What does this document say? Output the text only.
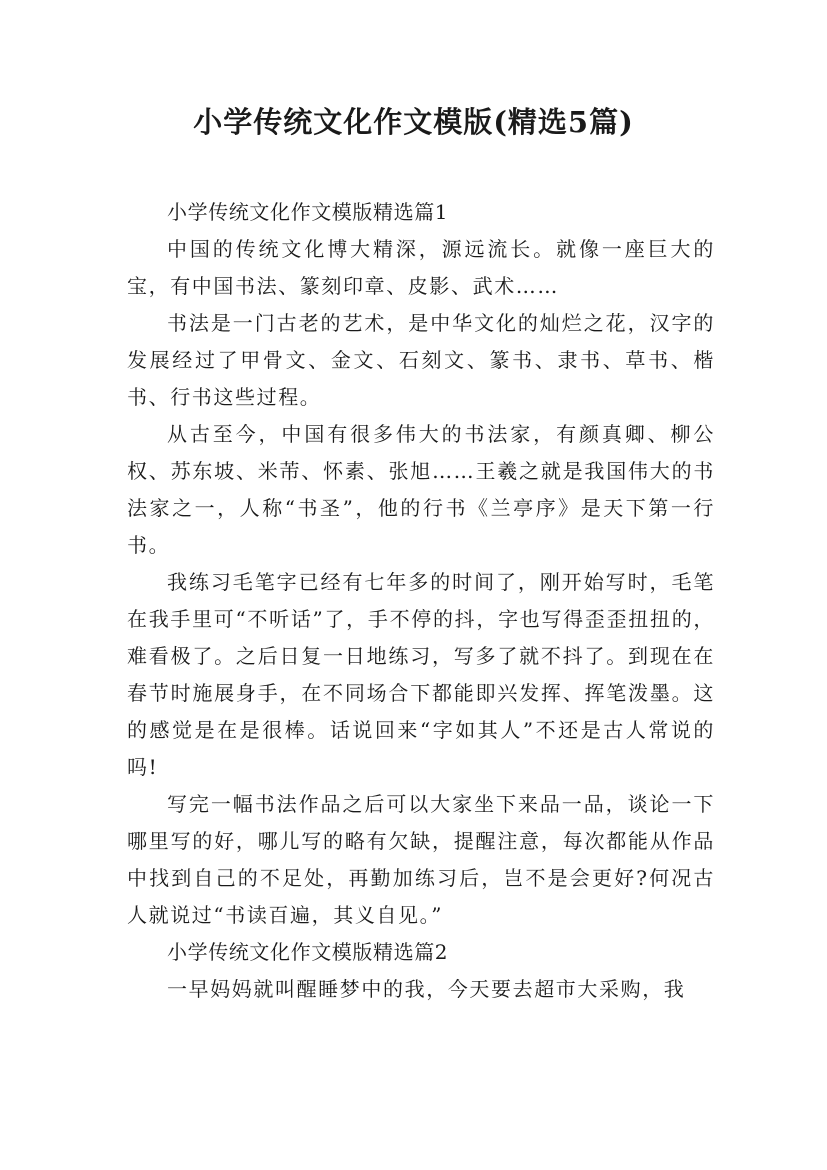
小学传统文化作文模版(精选5篇)

小学传统文化作文模版精选篇1

中国的传统文化博大精深，源远流长。就像一座巨大的宝，有中国书法、篆刻印章、皮影、武术……

书法是一门古老的艺术，是中华文化的灿烂之花，汉字的发展经过了甲骨文、金文、石刻文、篆书、隶书、草书、楷书、行书这些过程。

从古至今，中国有很多伟大的书法家，有颜真卿、柳公权、苏东坡、米芾、怀素、张旭……王羲之就是我国伟大的书法家之一，人称“书圣”，他的行书《兰亭序》是天下第一行书。

我练习毛笔字已经有七年多的时间了，刚开始写时，毛笔在我手里可“不听话”了，手不停的抖，字也写得歪歪扭扭的，难看极了。之后日复一日地练习，写多了就不抖了。到现在在春节时施展身手，在不同场合下都能即兴发挥、挥笔泼墨。这的感觉是在是很棒。话说回来“字如其人”不还是古人常说的吗!

写完一幅书法作品之后可以大家坐下来品一品，谈论一下哪里写的好，哪儿写的略有欠缺，提醒注意，每次都能从作品中找到自己的不足处，再勤加练习后，岂不是会更好?何况古人就说过“书读百遍，其义自见。”

小学传统文化作文模版精选篇2

一早妈妈就叫醒睡梦中的我，今天要去超市大采购，我
